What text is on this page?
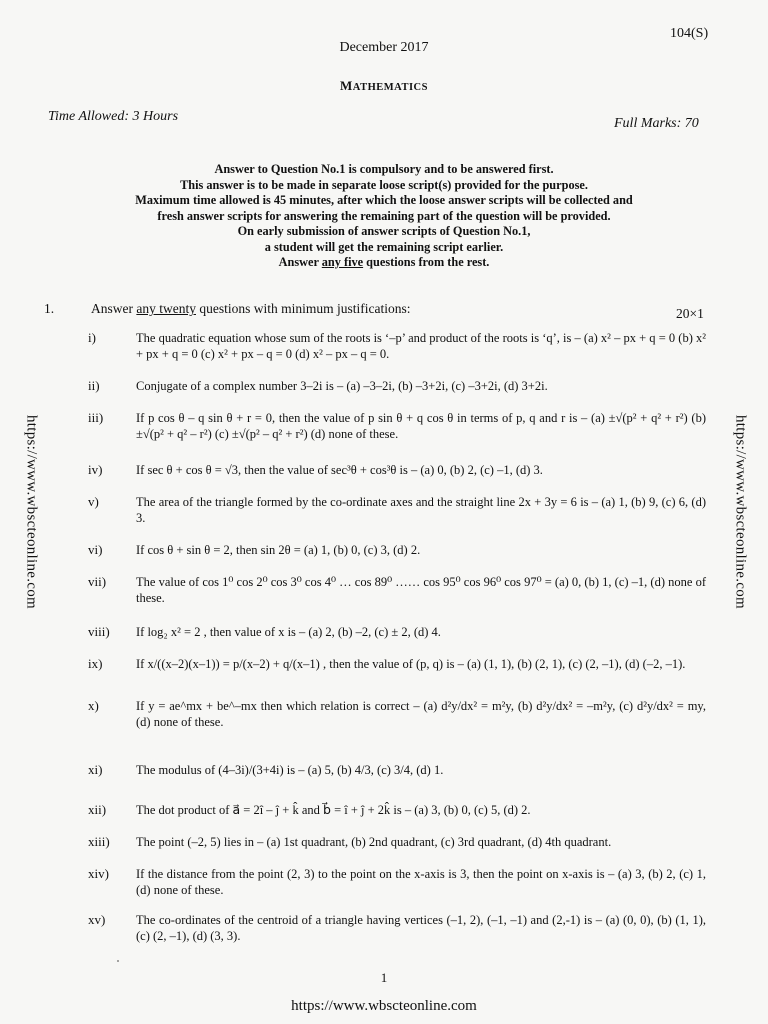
104(S)
December 2017
MATHEMATICS
Time Allowed: 3 Hours	Full Marks: 70
Answer to Question No.1 is compulsory and to be answered first.
This answer is to be made in separate loose script(s) provided for the purpose.
Maximum time allowed is 45 minutes, after which the loose answer scripts will be collected and
fresh answer scripts for answering the remaining part of the question will be provided.
On early submission of answer scripts of Question No.1,
a student will get the remaining script earlier.
Answer any five questions from the rest.
1.	Answer any twenty questions with minimum justifications:	20×1
i)	The quadratic equation whose sum of the roots is ‘–p’ and product of the roots is ‘q’, is – (a) x² – px + q = 0 (b) x² + px + q = 0 (c) x² + px – q = 0 (d) x² – px – q = 0.
ii)	Conjugate of a complex number 3–2i is – (a) –3–2i, (b) –3+2i, (c) –3+2i, (d) 3+2i.
iii)	If p cos θ – q sin θ + r = 0, then the value of p sin θ + q cos θ in terms of p, q and r is – (a) ±√(p² + q² + r²) (b) ±√(p² + q² – r²) (c) ±√(p² – q² + r²) (d) none of these.
iv)	If sec θ + cos θ = √3, then the value of sec³θ + cos³θ is – (a) 0, (b) 2, (c) –1, (d) 3.
v)	The area of the triangle formed by the co-ordinate axes and the straight line 2x + 3y = 6 is – (a) 1, (b) 9, (c) 6, (d) 3.
vi)	If cos θ + sin θ = 2, then sin 2θ = (a) 1, (b) 0, (c) 3, (d) 2.
vii) The value of cos 1⁰ cos 2⁰ cos 3⁰ cos 4⁰ … cos 89⁰ …… cos 95⁰ cos 96⁰ cos 97⁰ = (a) 0, (b) 1, (c) –1, (d) none of these.
viii) If log₂ x² = 2 , then value of x is – (a) 2, (b) –2, (c) ± 2, (d) 4.
ix)	If x/((x–2)(x–1)) = p/(x–2) + q/(x–1) , then the value of (p, q) is – (a) (1, 1), (b) (2, 1), (c) (2, –1), (d) (–2, –1).
x)	If y = ae^mx + be^–mx then which relation is correct – (a) d²y/dx² = m²y, (b) d²y/dx² = –m²y, (c) d²y/dx² = my, (d) none of these.
xi)	The modulus of (4–3i)/(3+4i) is – (a) 5, (b) 4/3, (c) 3/4, (d) 1.
xii) The dot product of a⃗ = 2î – ĵ + k̂ and b⃗ = î + ĵ + 2k̂ is – (a) 3, (b) 0, (c) 5, (d) 2.
xiii) The point (–2, 5) lies in – (a) 1st quadrant, (b) 2nd quadrant, (c) 3rd quadrant, (d) 4th quadrant.
xiv) If the distance from the point (2, 3) to the point on the x-axis is 3, then the point on x-axis is – (a) 3, (b) 2, (c) 1, (d) none of these.
xv) The co-ordinates of the centroid of a triangle having vertices (–1, 2), (–1, –1) and (2,-1) is – (a) (0, 0), (b) (1, 1), (c) (2, –1), (d) (3, 3).
https://www.wbscteonline.com	https://www.wbscteonline.com
1
https://www.wbscteonline.com
